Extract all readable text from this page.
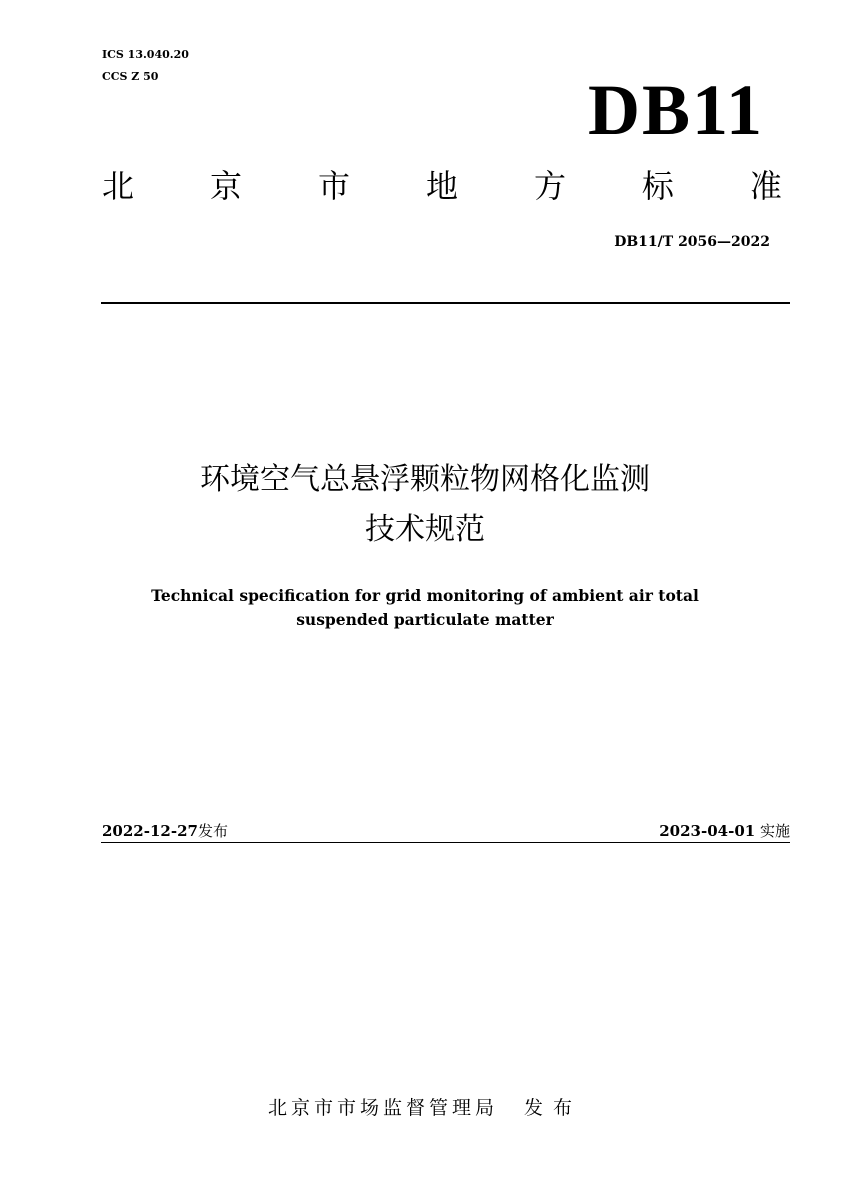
ICS 13.040.20
CCS Z 50	DB11
北 京 市 地 方 标 准
DB11/T 2056—2022
环境空气总悬浮颗粒物网格化监测
技术规范
Technical specification for grid monitoring of ambient air total
suspended particulate matter
2022-12-27发布	2023-04-01 实施
北京市市场监督管理局 发布
